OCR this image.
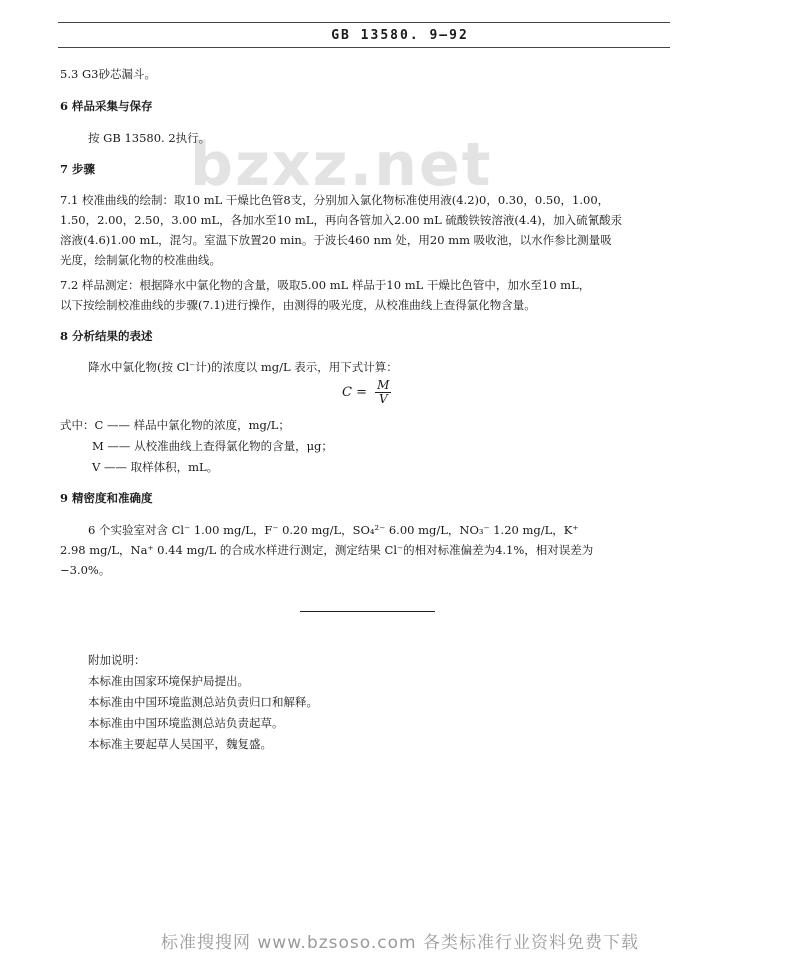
GB 13580. 9—92
bzxz.net
5.3 G3砂芯漏斗。
6 样品采集与保存
按 GB 13580. 2执行。
7 步骤
7.1 校准曲线的绘制：取10 mL 干燥比色管8支，分别加入氯化物标准使用液(4.2)0，0.30，0.50，1.00，
1.50，2.00，2.50，3.00 mL，各加水至10 mL，再向各管加入2.00 mL 硫酸铁铵溶液(4.4)，加入硫氰酸汞
溶液(4.6)1.00 mL，混匀。室温下放置20 min。于波长460 nm 处，用20 mm 吸收池，以水作参比测量吸
光度，绘制氯化物的校准曲线。
7.2 样品测定：根据降水中氯化物的含量，吸取5.00 mL 样品于10 mL 干燥比色管中，加水至10 mL，
以下按绘制校准曲线的步骤(7.1)进行操作，由测得的吸光度，从校准曲线上查得氯化物含量。
8 分析结果的表述
降水中氯化物(按 Cl⁻计)的浓度以 mg/L 表示，用下式计算：
$C = \frac{M}{V}$
式中：C —— 样品中氯化物的浓度，mg/L；
M —— 从校准曲线上查得氯化物的含量，μg；
V —— 取样体积，mL。
9 精密度和准确度
6 个实验室对含 Cl⁻ 1.00 mg/L，F⁻ 0.20 mg/L，SO₄²⁻ 6.00 mg/L，NO₃⁻ 1.20 mg/L，K⁺
2.98 mg/L，Na⁺ 0.44 mg/L 的合成水样进行测定，测定结果 Cl⁻的相对标准偏差为4.1%，相对误差为
−3.0%。
附加说明：
本标准由国家环境保护局提出。
本标准由中国环境监测总站负责归口和解释。
本标准由中国环境监测总站负责起草。
本标准主要起草人吴国平，魏复盛。
标准搜搜网 www.bzsoso.com 各类标准行业资料免费下载
